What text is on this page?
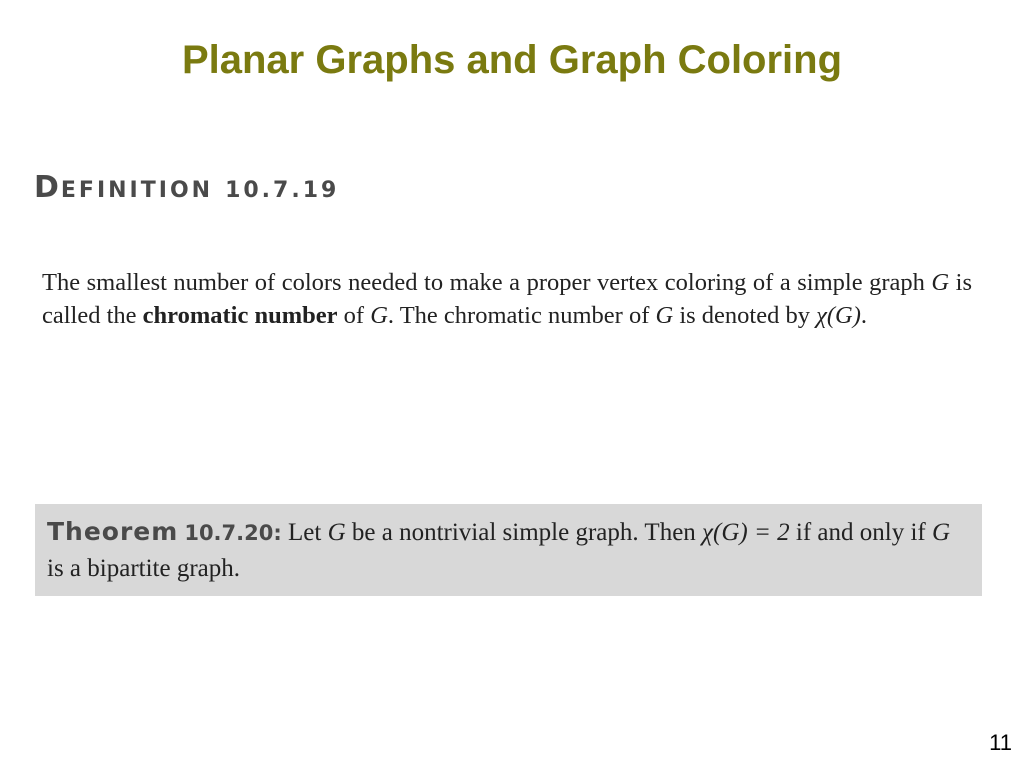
Planar Graphs and Graph Coloring
DEFINITION 10.7.19

The smallest number of colors needed to make a proper vertex coloring of a simple graph G is called the chromatic number of G. The chromatic number of G is denoted by χ(G).

Theorem 10.7.20: Let G be a nontrivial simple graph. Then χ(G) = 2 if and only if G is a bipartite graph.

11
